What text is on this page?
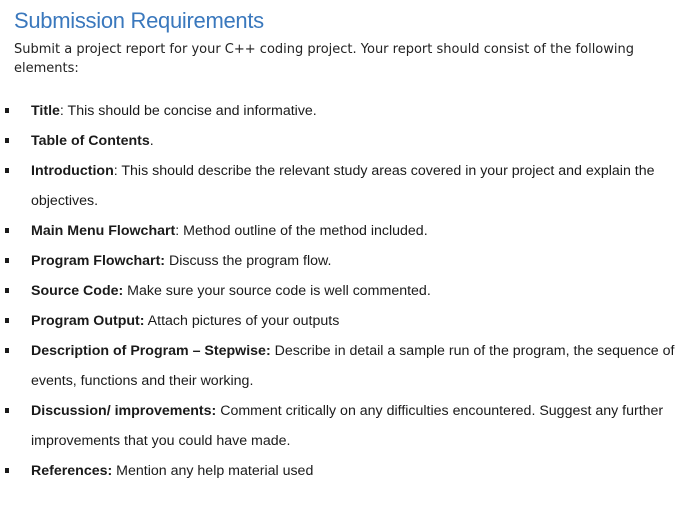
Submission Requirements
Submit a project report for your C++ coding project. Your report should consist of the following elements:
Title: This should be concise and informative.
Table of Contents.
Introduction: This should describe the relevant study areas covered in your project and explain the
objectives.
Main Menu Flowchart: Method outline of the method included.
Program Flowchart: Discuss the program flow.
Source Code: Make sure your source code is well commented.
Program Output: Attach pictures of your outputs
Description of Program – Stepwise: Describe in detail a sample run of the program, the sequence of
events, functions and their working.
Discussion/ improvements: Comment critically on any difficulties encountered. Suggest any further
improvements that you could have made.
References: Mention any help material used
